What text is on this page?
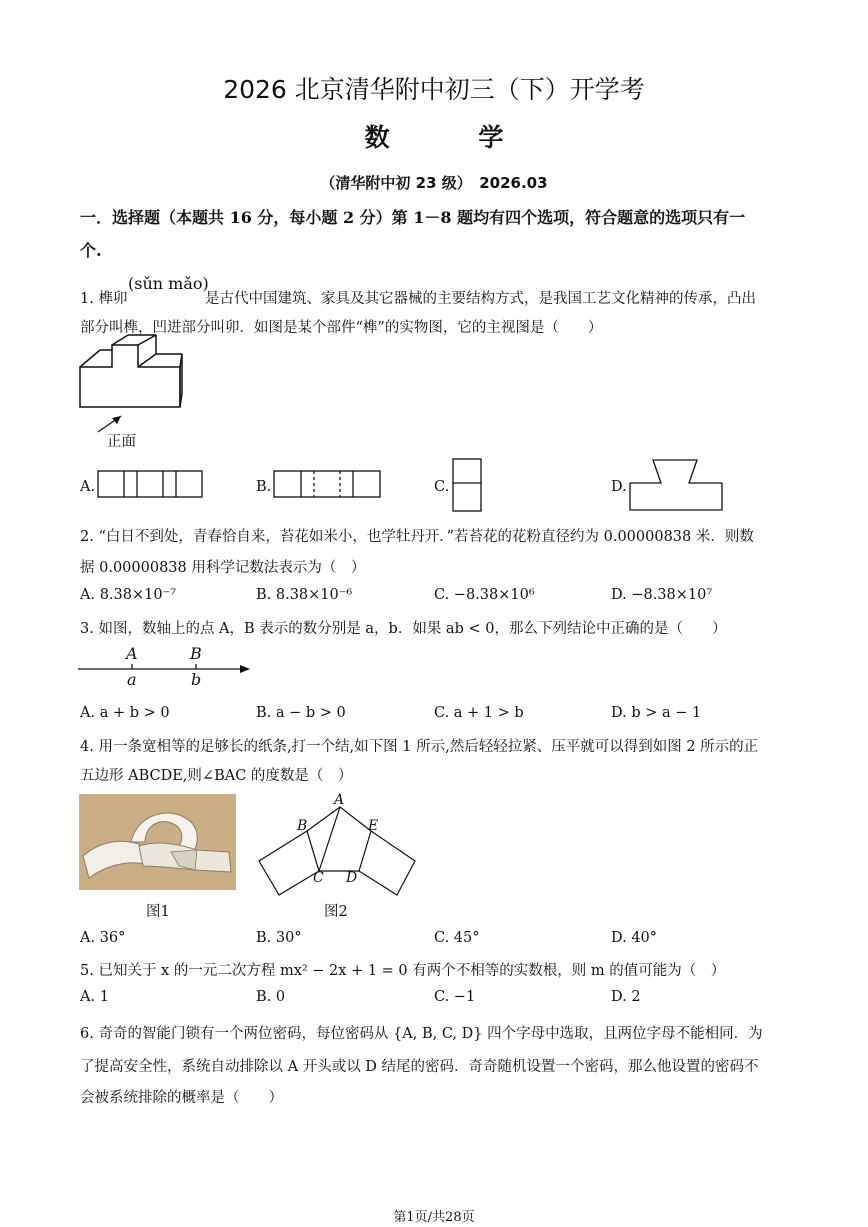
2026 北京清华附中初三（下）开学考
数 学
（清华附中初 23 级）　2026.03
一．选择题（本题共 16 分，每小题 2 分）第 1－8 题均有四个选项，符合题意的选项只有一
个.
1. 榫卯
(sǔn mǎo)
是古代中国建筑、家具及其它器械的主要结构方式，是我国工艺文化精神的传承，凸出
部分叫榫，凹进部分叫卯．如图是某个部件“榫”的实物图，它的主视图是（　　）
正面
A.	B.	C.	D.
2. “白日不到处，青春恰自来，苔花如米小，也学牡丹开．”若苔花的花粉直径约为 0.00000838 米．则数
据 0.00000838 用科学记数法表示为（　）
A. 8.38×10⁻⁷	B. 8.38×10⁻⁶	C. −8.38×10⁶	D. −8.38×10⁷
3. 如图，数轴上的点 A，B 表示的数分别是 a，b．如果 ab < 0，那么下列结论中正确的是（　　）
A	B
a	b
A. a + b > 0	B. a − b > 0	C. a + 1 > b	D. b > a − 1
4. 用一条宽相等的足够长的纸条,打一个结,如下图 1 所示,然后轻轻拉紧、压平就可以得到如图 2 所示的正
五边形 ABCDE,则∠BAC 的度数是（　）
图1
A
B
C D
E
图2
A. 36°	B. 30°	C. 45°	D. 40°
5. 已知关于 x 的一元二次方程 mx² − 2x + 1 = 0 有两个不相等的实数根，则 m 的值可能为（　）
A. 1	B. 0	C. −1	D. 2
6. 奇奇的智能门锁有一个两位密码，每位密码从 {A, B, C, D} 四个字母中选取，且两位字母不能相同．为
了提高安全性，系统自动排除以 A 开头或以 D 结尾的密码．奇奇随机设置一个密码，那么他设置的密码不
会被系统排除的概率是（　　）
第1页/共28页
